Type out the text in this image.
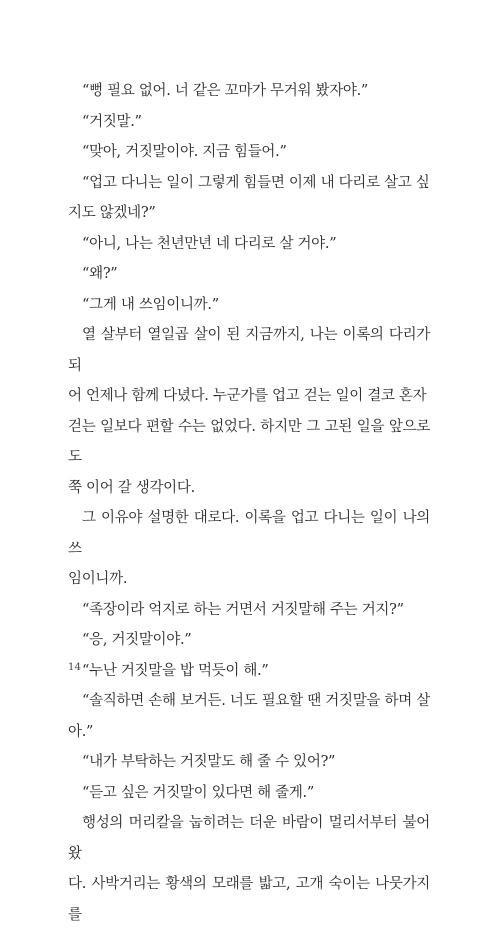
“뻥 필요 없어. 너 같은 꼬마가 무거워 봤자야.”

“거짓말.”

“맞아, 거짓말이야. 지금 힘들어.”

“업고 다니는 일이 그렇게 힘들면 이제 내 다리로 살고 싶
지도 않겠네?”

“아니, 나는 천년만년 네 다리로 살 거야.”

“왜?”

“그게 내 쓰임이니까.”

열 살부터 열일곱 살이 된 지금까지, 나는 이록의 다리가 되
어 언제나 함께 다녔다. 누군가를 업고 걷는 일이 결코 혼자
걷는 일보다 편할 수는 없었다. 하지만 그 고된 일을 앞으로도
쭉 이어 갈 생각이다.

그 이유야 설명한 대로다. 이록을 업고 다니는 일이 나의 쓰
임이니까.

“족장이라 억지로 하는 거면서 거짓말해 주는 거지?”

“응, 거짓말이야.”

“누난 거짓말을 밥 먹듯이 해.”

“솔직하면 손해 보거든. 너도 필요할 땐 거짓말을 하며 살아.”

“내가 부탁하는 거짓말도 해 줄 수 있어?”

“듣고 싶은 거짓말이 있다면 해 줄게.”

행성의 머리칼을 눕히려는 더운 바람이 멀리서부터 불어왔
다. 사박거리는 황색의 모래를 밟고, 고개 숙이는 나뭇가지를

14
